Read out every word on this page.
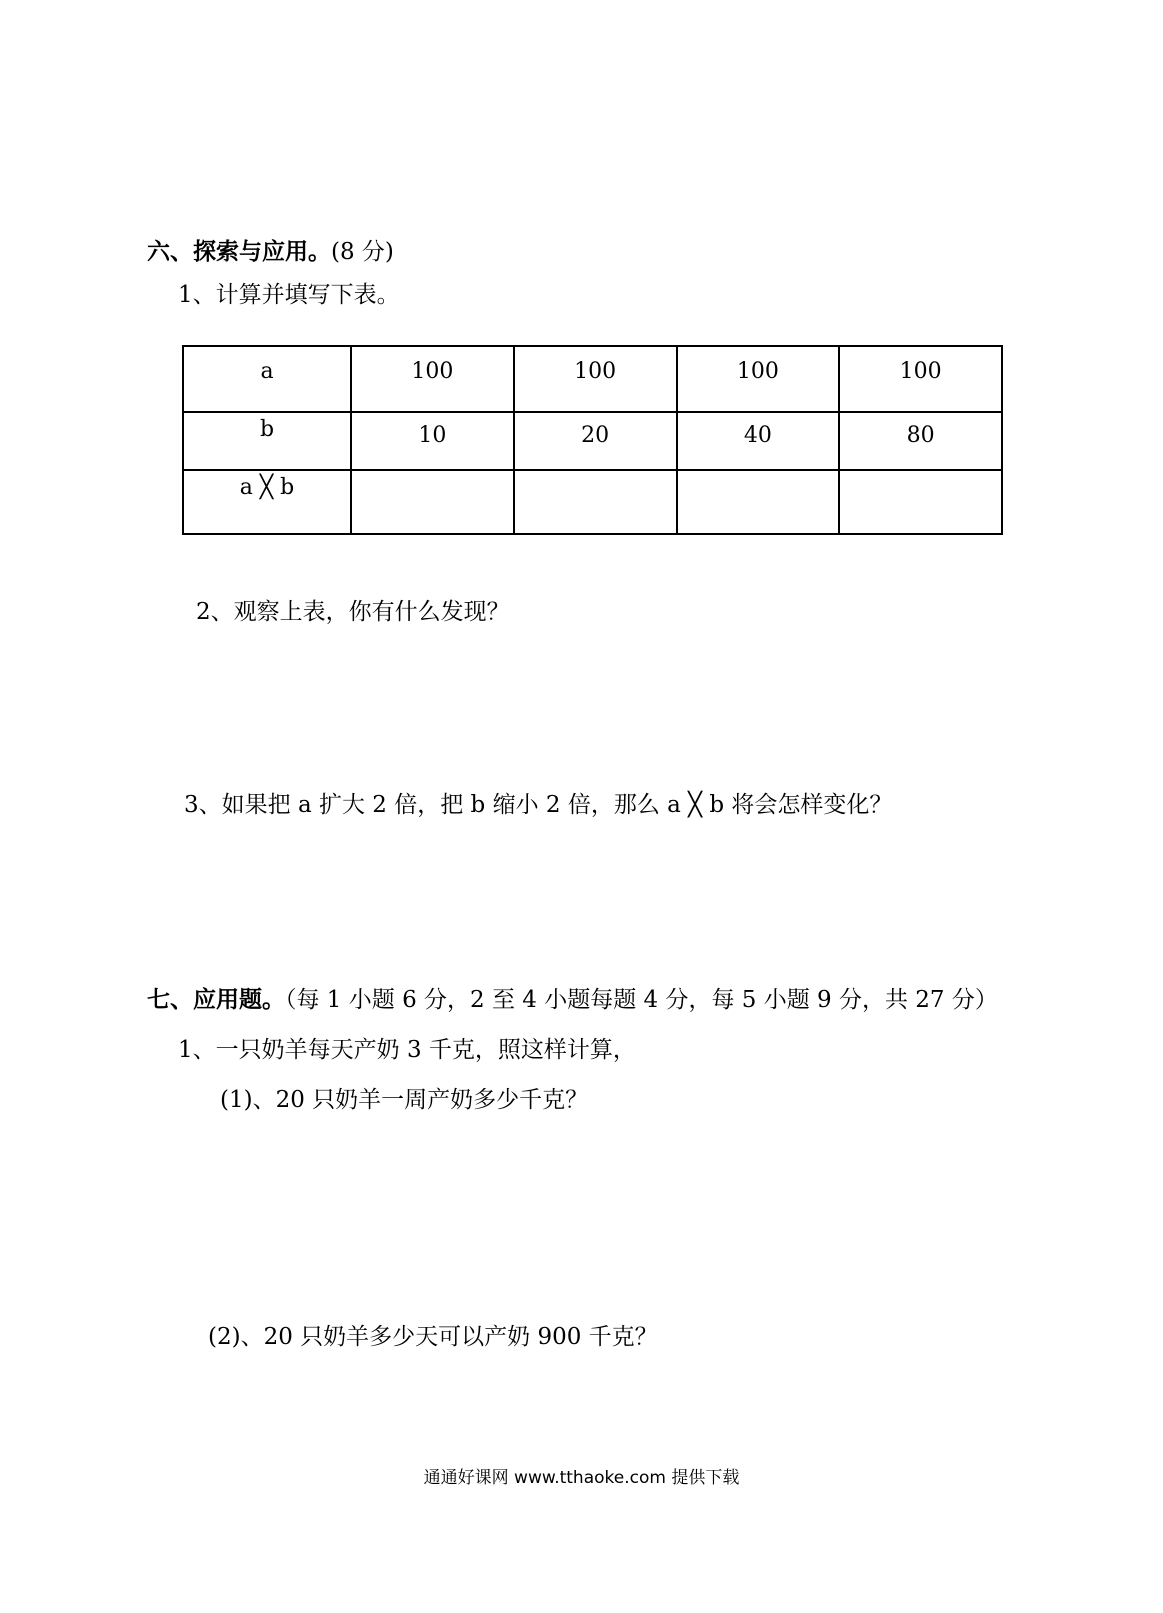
六、探索与应用。(8 分)
1、计算并填写下表。
a	100	100	100	100

b	10	20	40	80

a ╳ b				

2、观察上表，你有什么发现？
3、如果把 a 扩大 2 倍，把 b 缩小 2 倍，那么 a ╳ b 将会怎样变化？
七、应用题。（每 1 小题 6 分，2 至 4 小题每题 4 分，每 5 小题 9 分，共 27 分）
1、一只奶羊每天产奶 3 千克，照这样计算，
(1)、20 只奶羊一周产奶多少千克？
(2)、20 只奶羊多少天可以产奶 900 千克？
通通好课网 www.tthaoke.com 提供下载
